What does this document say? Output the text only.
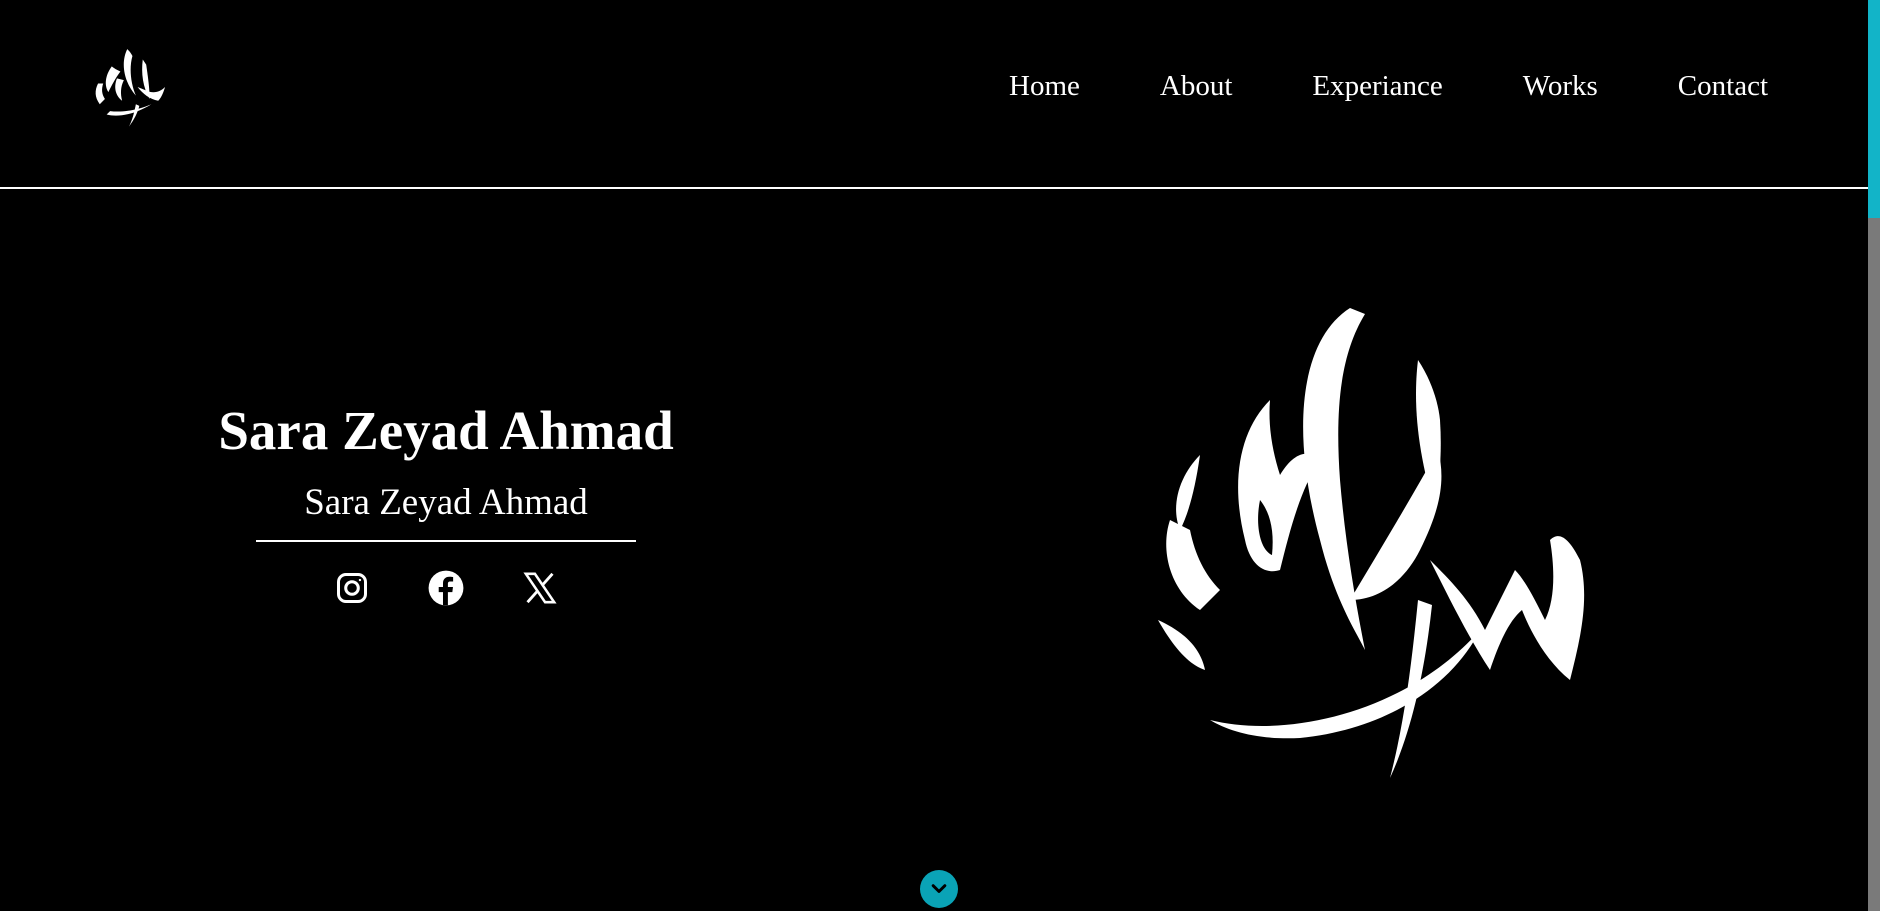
Home	About	Experiance	Works	Contact
Sara Zeyad Ahmad

Sara Zeyad Ahmad
